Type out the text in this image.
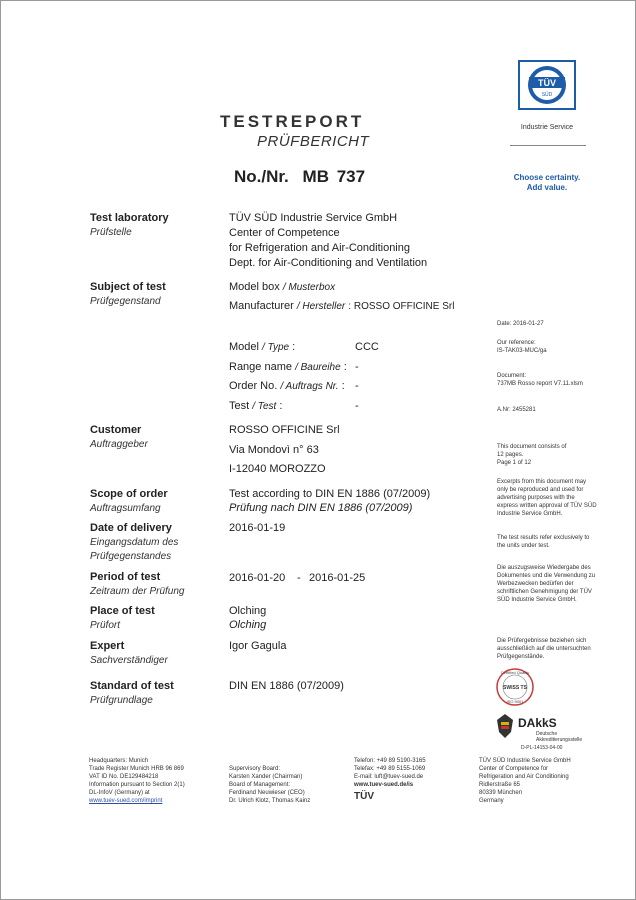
TESTREPORT
PRÜFBERICHT
No./Nr. MB 737
TÜV
SÜD
Industrie Service
Choose certainty.
Add value.
Test laboratory
Prüfstelle
TÜV SÜD Industrie Service GmbH
Center of Competence
for Refrigeration and Air-Conditioning
Dept. for Air-Conditioning and Ventilation
Subject of test
Prüfgegenstand
Model box / Musterbox
Manufacturer / Hersteller : ROSSO OFFICINE Srl
Model / Type :	CCC
Range name / Baureihe : -
Order No. / Auftrags Nr. : -
Test / Test :	-
Customer
Auftraggeber
ROSSO OFFICINE Srl
Via Mondovì n° 63
I-12040 MOROZZO
Scope of order
Auftragsumfang
Test according to DIN EN 1886 (07/2009)
Prüfung nach DIN EN 1886 (07/2009)
Date of delivery
Eingangsdatum des
Prüfgegenstandes
2016-01-19
Period of test
Zeitraum der Prüfung
2016-01-20 - 2016-01-25
Place of test
Prüfort
Olching
Olching
Expert
Sachverständiger
Igor Gagula
Standard of test
Prüfgrundlage
DIN EN 1886 (07/2009)
Date: 2016-01-27
Our reference:
IS-TAK03-MUC/ga
Document:
737MB Rosso report V7.11.xlsm
A.Nr: 2455281
This document consists of
12 pages.
Page 1 of 12
Excerpts from this document may only be reproduced and used for advertising purposes with the express written approval of TÜV SÜD Industrie Service GmbH.
The test results refer exclusively to the units under test.
Die auszugsweise Wiedergabe des Dokumentes und die Verwendung zu Werbezwecken bedürfen der schriftlichen Genehmigung der TÜV SÜD Industrie Service GmbH.
Die Prüfergebnisse beziehen sich ausschließlich auf die untersuchten Prüfgegenstände.
Certified Quality
SWISS TS
ISO 9001
DAkkS
Deutsche
Akkreditierungsstelle
D-PL-14153-04-00
Headquarters: Munich
Trade Register Munich HRB 96 869
VAT ID No. DE129484218
Information pursuant to Section 2(1)
DL-InfoV (Germany) at
www.tuev-sued.com/imprint
Supervisory Board:
Karsten Xander (Chairman)
Board of Management:
Ferdinand Neuwieser (CEO)
Dr. Ulrich Klotz, Thomas Kainz
Telefon: +49 89 5190-3165
Telefax: +49 89 5155-1069
E-mail: luft@tuev-sued.de
www.tuev-sued.de/is
TÜV
TÜV SÜD Industrie Service GmbH
Center of Competence for
Refrigeration and Air Conditioning
Ridlerstraße 65
80339 München
Germany
